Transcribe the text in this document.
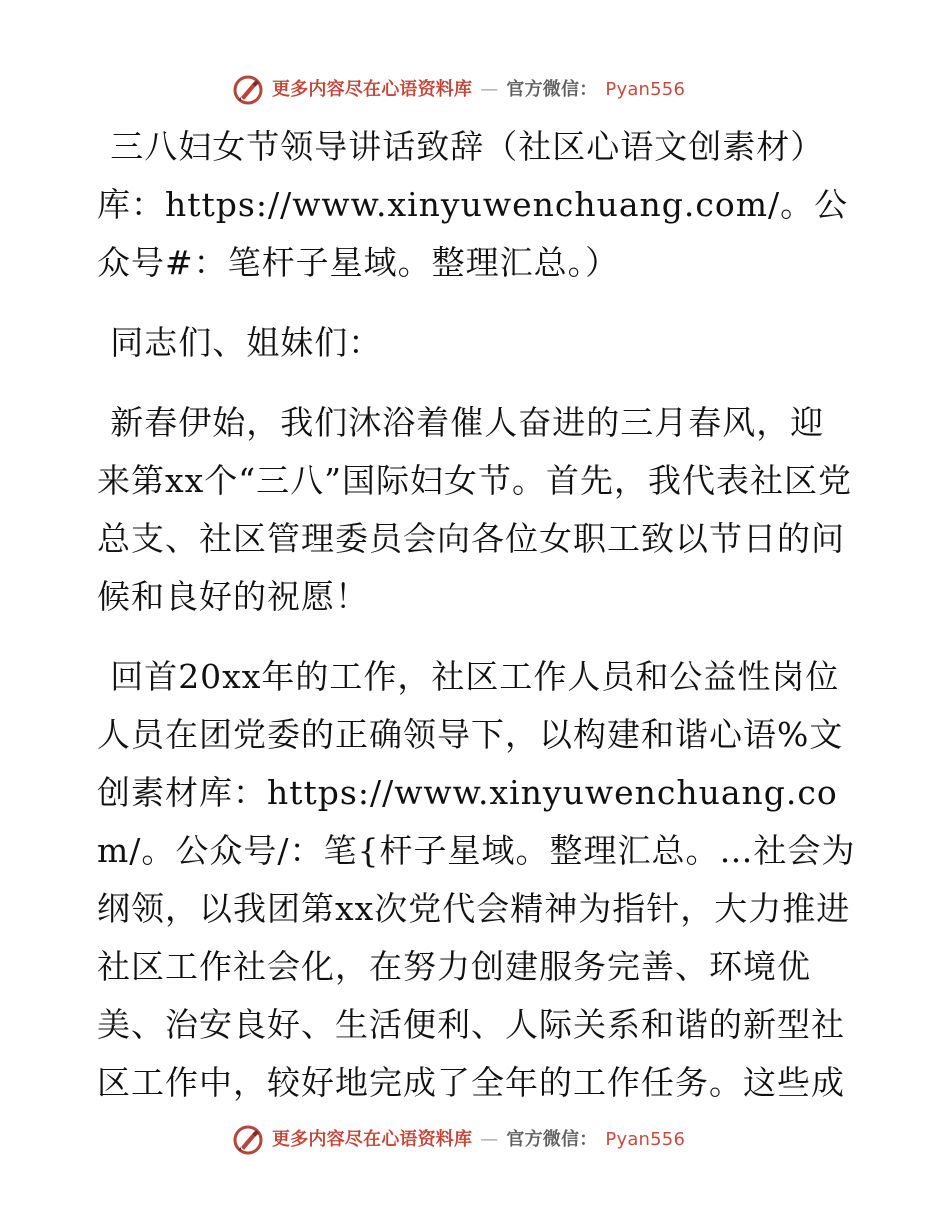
更多内容尽在心语资料库 — 官方微信： Pyan556

三八妇女节领导讲话致辞（社区心语文创素材）库：https://www.xinyuwenchuang.com/。公众号#：笔杆子星域。整理汇总。）

同志们、姐妹们：

新春伊始，我们沐浴着催人奋进的三月春风，迎来第xx个“三八”国际妇女节。首先，我代表社区党总支、社区管理委员会向各位女职工致以节日的问候和良好的祝愿！

回首20xx年的工作，社区工作人员和公益性岗位人员在团党委的正确领导下，以构建和谐心语%文创素材库：https://www.xinyuwenchuang.com/。公众号/：笔{杆子星域。整理汇总。…社会为纲领，以我团第xx次党代会精神为指针，大力推进社区工作社会化，在努力创建服务完善、环境优美、治安良好、生活便利、人际关系和谐的新型社区工作中，较好地完成了全年的工作任务。这些成

更多内容尽在心语资料库 — 官方微信： Pyan556
